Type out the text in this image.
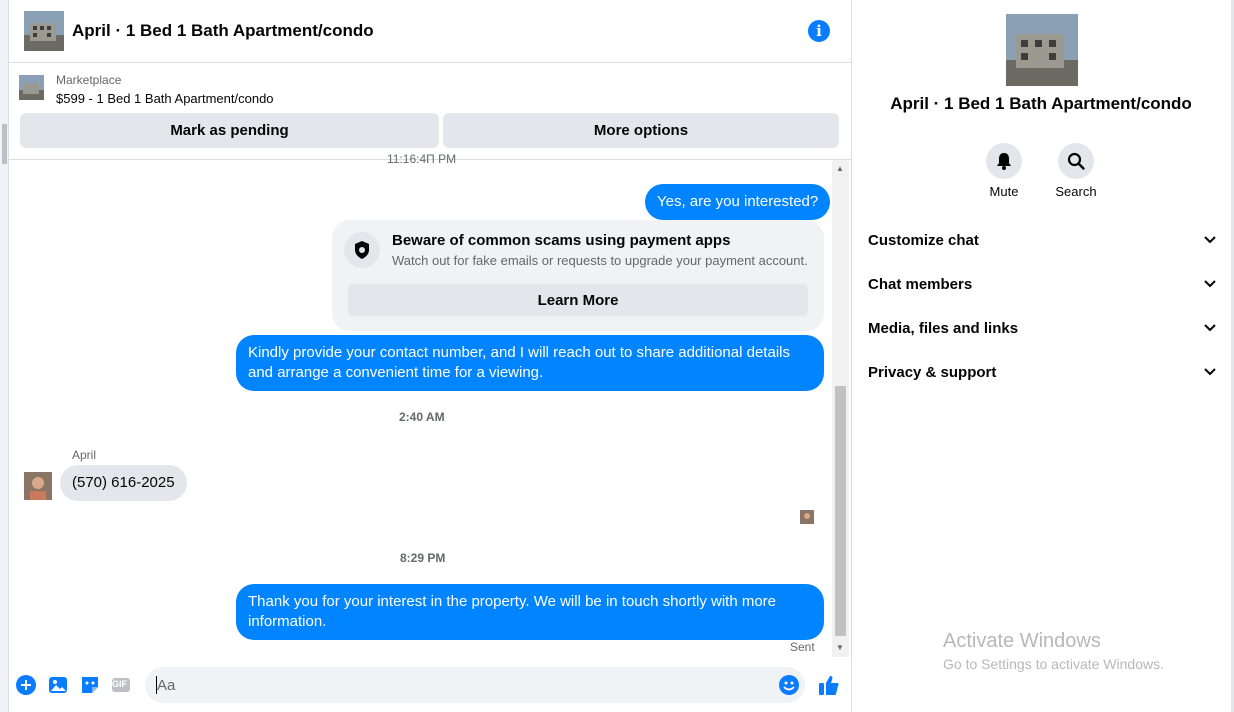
April · 1 Bed 1 Bath Apartment/condo	i
Marketplace
$599 - 1 Bed 1 Bath Apartment/condo
Mark as pending	More options
11:16:4Π PM
Yes, are you interested?
Beware of common scams using payment apps
Watch out for fake emails or requests to upgrade your payment account.
Learn More
Kindly provide your contact number, and I will reach out to share additional details and arrange a convenient time for a viewing.
2:40 AM
April
(570) 616-2025
8:29 PM
Thank you for your interest in the property. We will be in touch shortly with more information.
Sent
▲
▼
GIF
Aa
April · 1 Bed 1 Bath Apartment/condo
Mute	Search
Customize chat
Chat members
Media, files and links
Privacy & support
Activate Windows
Go to Settings to activate Windows.
